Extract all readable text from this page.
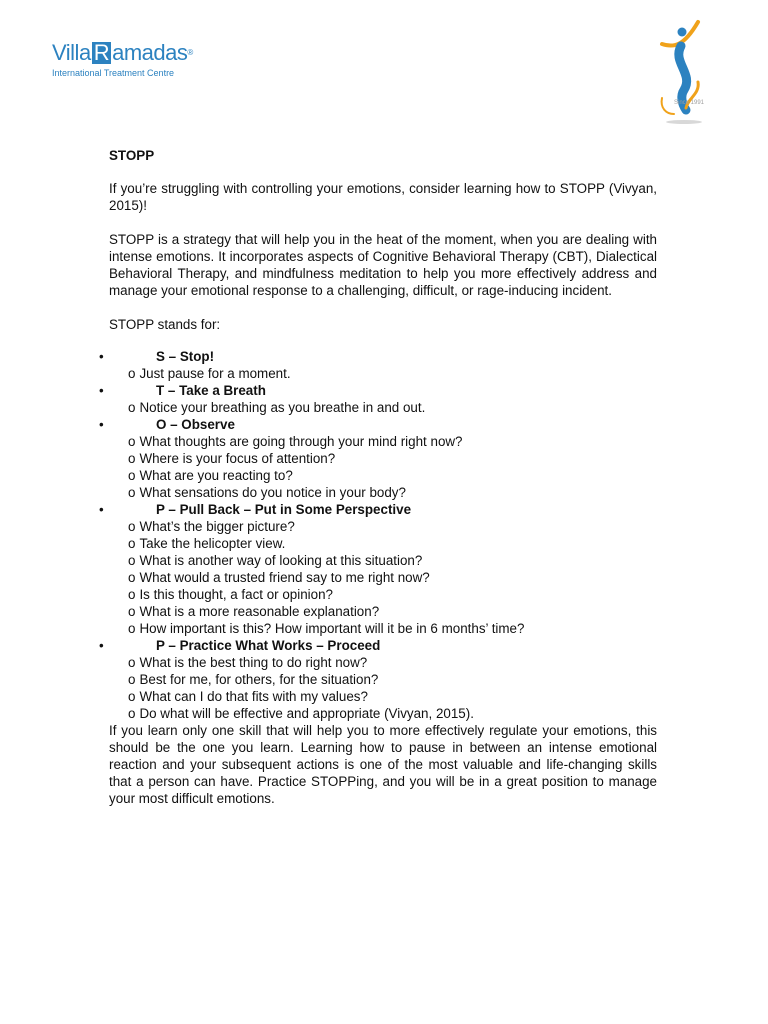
Villa R amadas®
International Treatment Centre
Since 1991
STOPP

If you’re struggling with controlling your emotions, consider learning how to STOPP (Vivyan, 2015)!

STOPP is a strategy that will help you in the heat of the moment, when you are dealing with intense emotions. It incorporates aspects of Cognitive Behavioral Therapy (CBT), Dialectical Behavioral Therapy, and mindfulness meditation to help you more effectively address and manage your emotional response to a challenging, difficult, or rage-inducing incident.

STOPP stands for:

•	S – Stop!
o Just pause for a moment.
•	T – Take a Breath
o Notice your breathing as you breathe in and out.
•	O – Observe
o What thoughts are going through your mind right now?
o Where is your focus of attention?
o What are you reacting to?
o What sensations do you notice in your body?
•	P – Pull Back – Put in Some Perspective
o What’s the bigger picture?
o Take the helicopter view.
o What is another way of looking at this situation?
o What would a trusted friend say to me right now?
o Is this thought, a fact or opinion?
o What is a more reasonable explanation?
o How important is this? How important will it be in 6 months’ time?
•	P – Practice What Works – Proceed
o What is the best thing to do right now?
o Best for me, for others, for the situation?
o What can I do that fits with my values?
o Do what will be effective and appropriate (Vivyan, 2015).

If you learn only one skill that will help you to more effectively regulate your emotions, this should be the one you learn. Learning how to pause in between an intense emotional reaction and your subsequent actions is one of the most valuable and life-changing skills that a person can have. Practice STOPPing, and you will be in a great position to manage your most difficult emotions.
